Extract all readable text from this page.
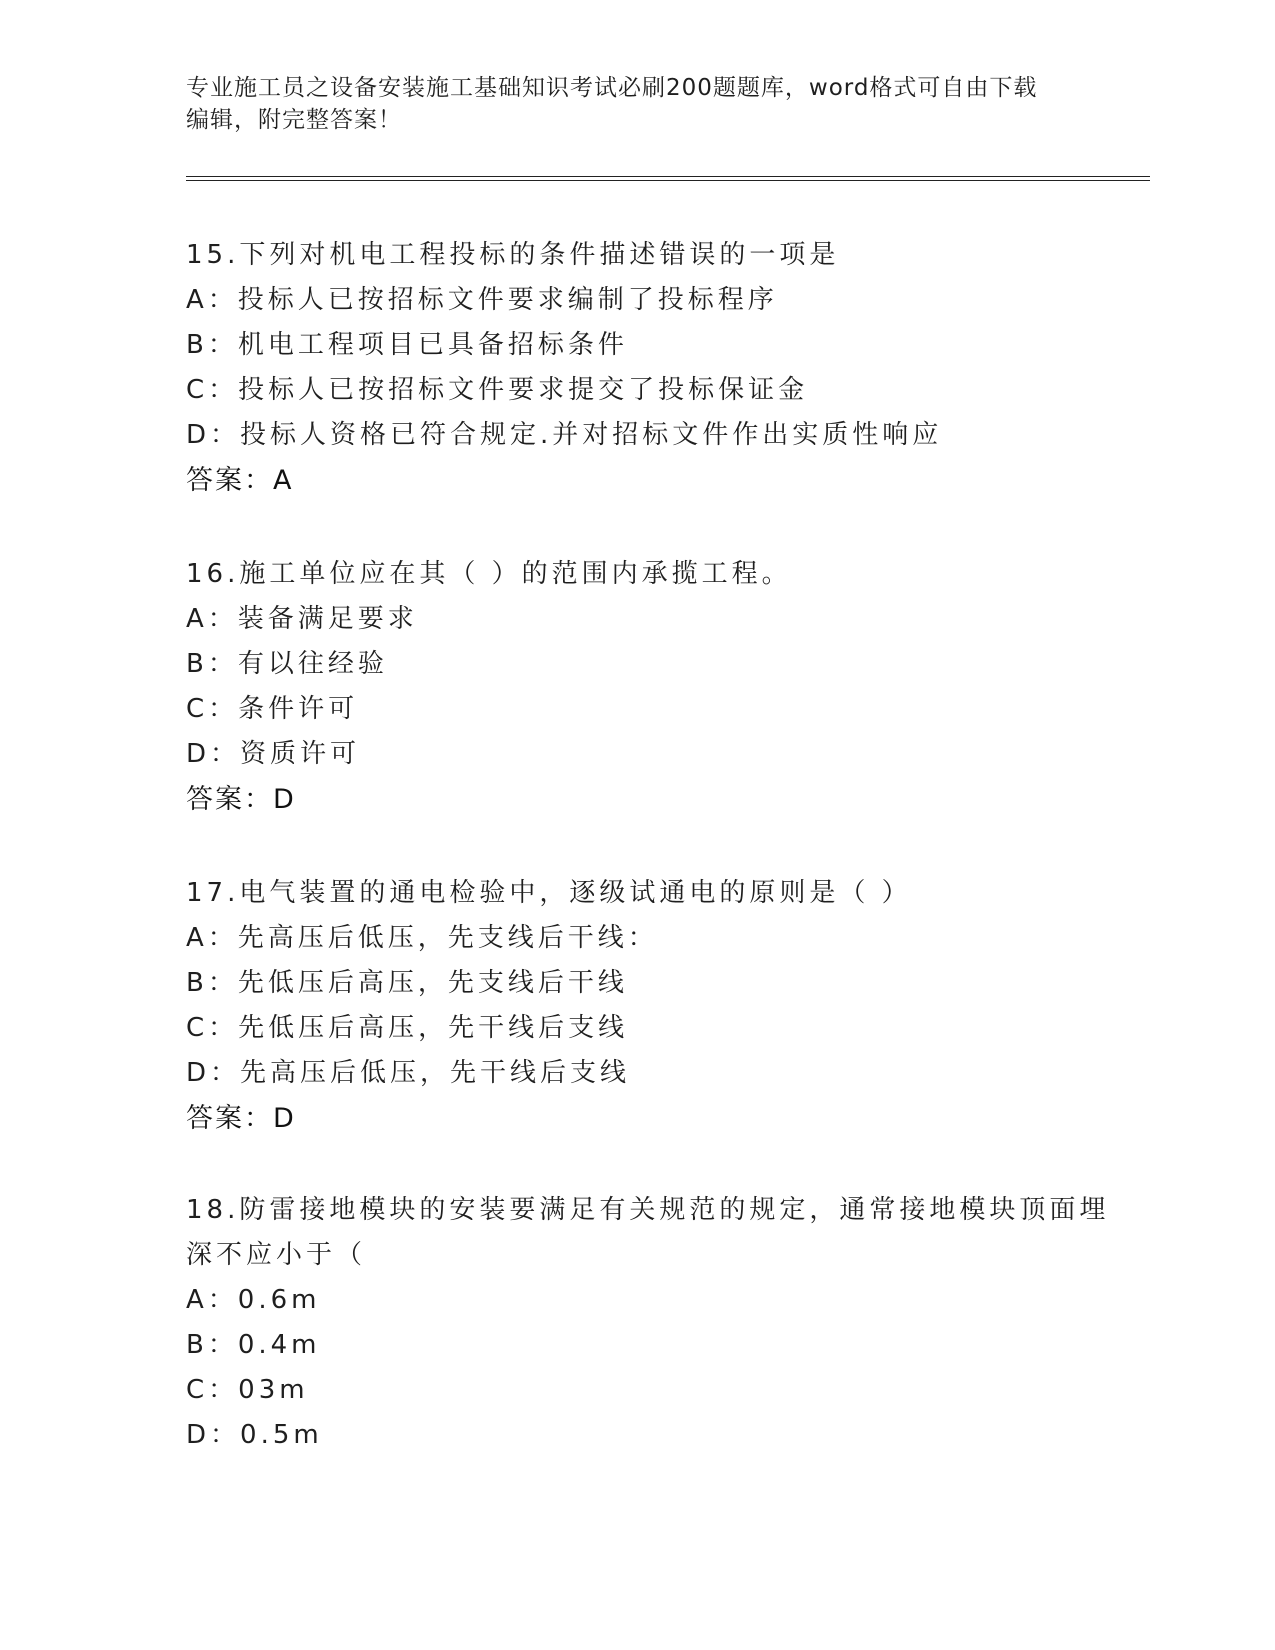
专业施工员之设备安装施工基础知识考试必刷200题题库，word格式可自由下载

编辑，附完整答案！

15.下列对机电工程投标的条件描述错误的一项是
A：投标人已按招标文件要求编制了投标程序
B：机电工程项目已具备招标条件
C：投标人已按招标文件要求提交了投标保证金
D：投标人资格已符合规定.并对招标文件作出实质性响应
答案：A
16.施工单位应在其（ ）的范围内承揽工程。
A：装备满足要求
B：有以往经验
C：条件许可
D：资质许可
答案：D
17.电气装置的通电检验中，逐级试通电的原则是（ ）
A：先高压后低压，先支线后干线：
B：先低压后高压，先支线后干线
C：先低压后高压，先干线后支线
D：先高压后低压，先干线后支线
答案：D
18.防雷接地模块的安装要满足有关规范的规定，通常接地模块顶面埋
深不应小于（
A：0.6m
B：0.4m
C：03m
D：0.5m
